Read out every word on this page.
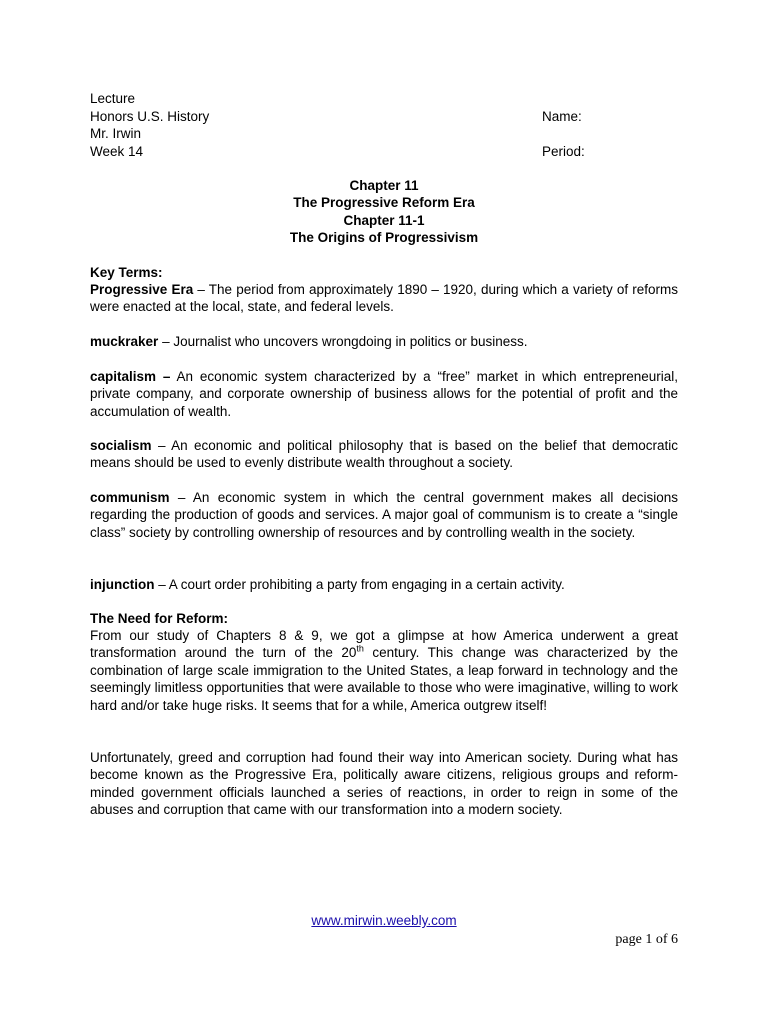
Lecture
Honors U.S. History
Mr. Irwin
Week 14
Name:
Period:
Chapter 11
The Progressive Reform Era
Chapter 11-1
The Origins of Progressivism
Key Terms:
Progressive Era – The period from approximately 1890 – 1920, during which a variety of reforms were enacted at the local, state, and federal levels.
muckraker – Journalist who uncovers wrongdoing in politics or business.
capitalism – An economic system characterized by a “free” market in which entrepreneurial, private company, and corporate ownership of business allows for the potential of profit and the accumulation of wealth.
socialism – An economic and political philosophy that is based on the belief that democratic means should be used to evenly distribute wealth throughout a society.
communism – An economic system in which the central government makes all decisions regarding the production of goods and services. A major goal of communism is to create a “single class” society by controlling ownership of resources and by controlling wealth in the society.
injunction – A court order prohibiting a party from engaging in a certain activity.
The Need for Reform:
From our study of Chapters 8 & 9, we got a glimpse at how America underwent a great transformation around the turn of the 20th century. This change was characterized by the combination of large scale immigration to the United States, a leap forward in technology and the seemingly limitless opportunities that were available to those who were imaginative, willing to work hard and/or take huge risks. It seems that for a while, America outgrew itself!
Unfortunately, greed and corruption had found their way into American society. During what has become known as the Progressive Era, politically aware citizens, religious groups and reform-minded government officials launched a series of reactions, in order to reign in some of the abuses and corruption that came with our transformation into a modern society.
www.mirwin.weebly.com
page 1 of 6
